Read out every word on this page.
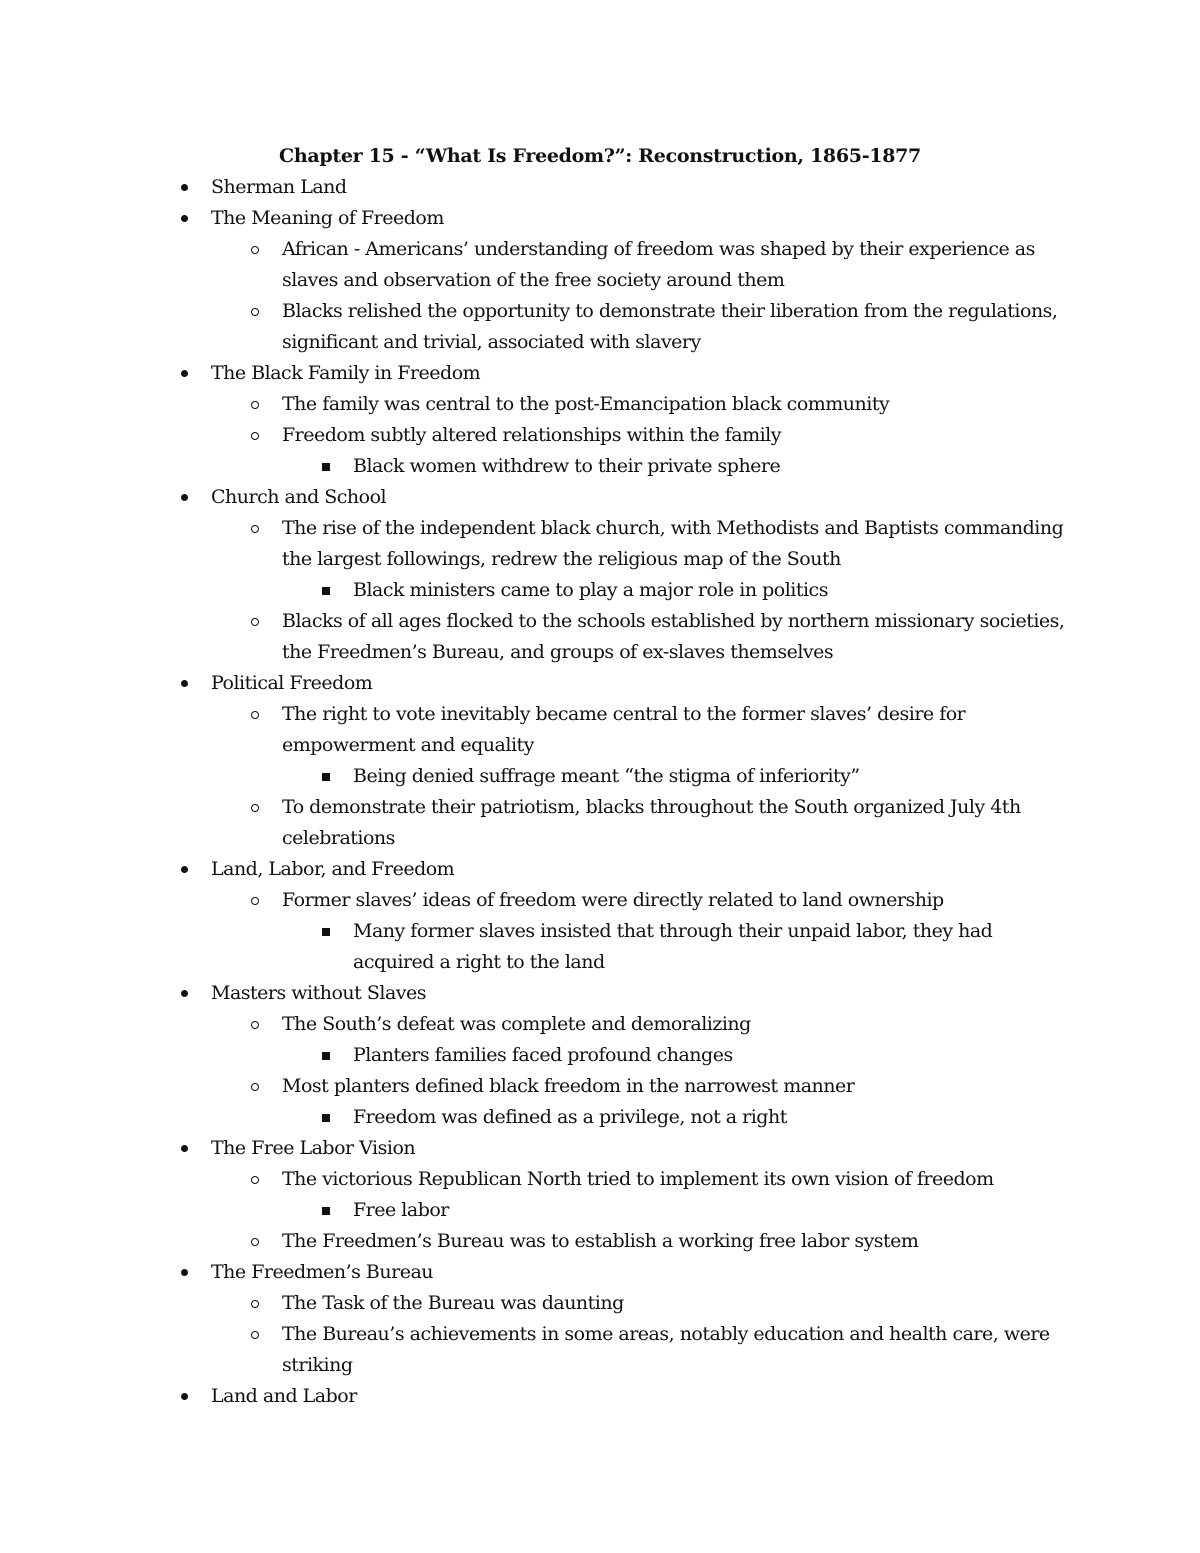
Chapter 15 - “What Is Freedom?”: Reconstruction, 1865-1877
Sherman Land
The Meaning of Freedom
African - Americans’ understanding of freedom was shaped by their experience as slaves and observation of the free society around them
Blacks relished the opportunity to demonstrate their liberation from the regulations, significant and trivial, associated with slavery
The Black Family in Freedom
The family was central to the post-Emancipation black community
Freedom subtly altered relationships within the family
Black women withdrew to their private sphere
Church and School
The rise of the independent black church, with Methodists and Baptists commanding the largest followings, redrew the religious map of the South
Black ministers came to play a major role in politics
Blacks of all ages flocked to the schools established by northern missionary societies, the Freedmen’s Bureau, and groups of ex-slaves themselves
Political Freedom
The right to vote inevitably became central to the former slaves’ desire for empowerment and equality
Being denied suffrage meant “the stigma of inferiority”
To demonstrate their patriotism, blacks throughout the South organized July 4th celebrations
Land, Labor, and Freedom
Former slaves’ ideas of freedom were directly related to land ownership
Many former slaves insisted that through their unpaid labor, they had acquired a right to the land
Masters without Slaves
The South’s defeat was complete and demoralizing
Planters families faced profound changes
Most planters defined black freedom in the narrowest manner
Freedom was defined as a privilege, not a right
The Free Labor Vision
The victorious Republican North tried to implement its own vision of freedom
Free labor
The Freedmen’s Bureau was to establish a working free labor system
The Freedmen’s Bureau
The Task of the Bureau was daunting
The Bureau’s achievements in some areas, notably education and health care, were striking
Land and Labor
